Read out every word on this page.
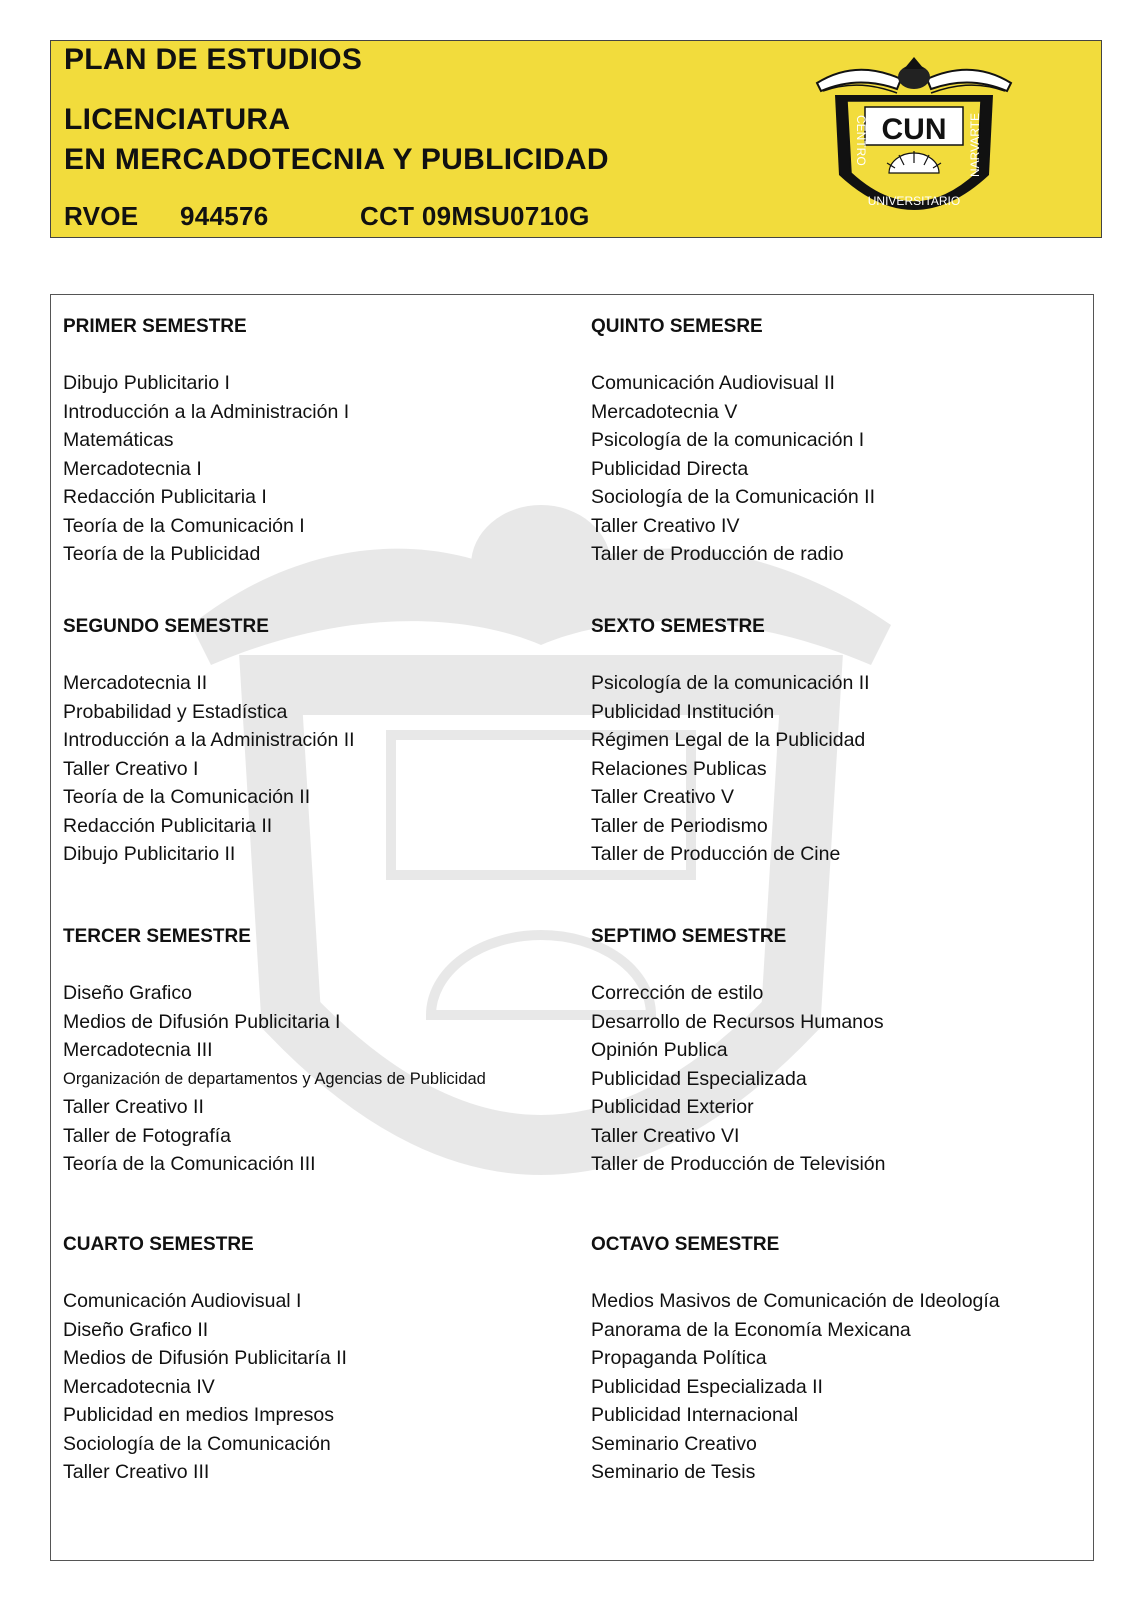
PLAN DE ESTUDIOS
LICENCIATURA
EN MERCADOTECNIA Y PUBLICIDAD
RVOE 944576	CCT 09MSU0710G
CUN
CENTRO	NARVARTE
UNIVERSITARIO

PRIMER SEMESTRE

Dibujo Publicitario I
Introducción a la Administración I
Matemáticas
Mercadotecnia I
Redacción Publicitaria I
Teoría de la Comunicación I
Teoría de la Publicidad

SEGUNDO SEMESTRE

Mercadotecnia II
Probabilidad y Estadística
Introducción a la Administración II
Taller Creativo I
Teoría de la Comunicación II
Redacción Publicitaria II
Dibujo Publicitario II

TERCER SEMESTRE

Diseño Grafico
Medios de Difusión Publicitaria I
Mercadotecnia III
Organización de departamentos y Agencias de Publicidad
Taller Creativo II
Taller de Fotografía
Teoría de la Comunicación III

CUARTO SEMESTRE

Comunicación Audiovisual I
Diseño Grafico II
Medios de Difusión Publicitaría II
Mercadotecnia IV
Publicidad en medios Impresos
Sociología de la Comunicación
Taller Creativo III

QUINTO SEMESRE

Comunicación Audiovisual II
Mercadotecnia V
Psicología de la comunicación I
Publicidad Directa
Sociología de la Comunicación II
Taller Creativo IV
Taller de Producción de radio

SEXTO SEMESTRE

Psicología de la comunicación II
Publicidad Institución
Régimen Legal de la Publicidad
Relaciones Publicas
Taller Creativo V
Taller de Periodismo
Taller de Producción de Cine

SEPTIMO SEMESTRE

Corrección de estilo
Desarrollo de Recursos Humanos
Opinión Publica
Publicidad Especializada
Publicidad Exterior
Taller Creativo VI
Taller de Producción de Televisión

OCTAVO SEMESTRE

Medios Masivos de Comunicación de Ideología
Panorama de la Economía Mexicana
Propaganda Política
Publicidad Especializada II
Publicidad Internacional
Seminario Creativo
Seminario de Tesis
